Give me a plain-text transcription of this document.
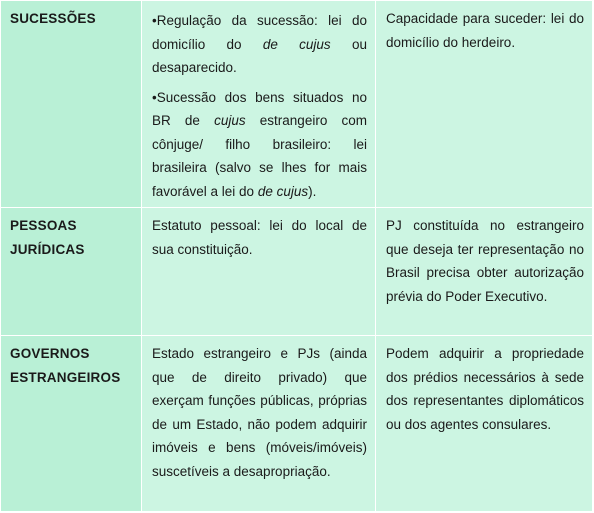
SUCESSÕES	•Regulação da sucessão: lei do domicílio do de cujus ou desaparecido.
•Sucessão dos bens situados no BR de cujus estrangeiro com cônjuge/ filho brasileiro: lei brasileira (salvo se lhes for mais favorável a lei do de cujus).	Capacidade para suceder: lei do domicílio do herdeiro.

PESSOAS
JURÍDICAS	Estatuto pessoal: lei do local de sua constituição.	PJ constituída no estrangeiro que deseja ter representação no Brasil precisa obter autorização prévia do Poder Executivo.

GOVERNOS
ESTRANGEIROS	Estado estrangeiro e PJs (ainda que de direito privado) que exerçam funções públicas, próprias de um Estado, não podem adquirir imóveis e bens (móveis/imóveis) suscetíveis a desapropriação.	Podem adquirir a propriedade dos prédios necessários à sede dos representantes diplomáticos ou dos agentes consulares.
